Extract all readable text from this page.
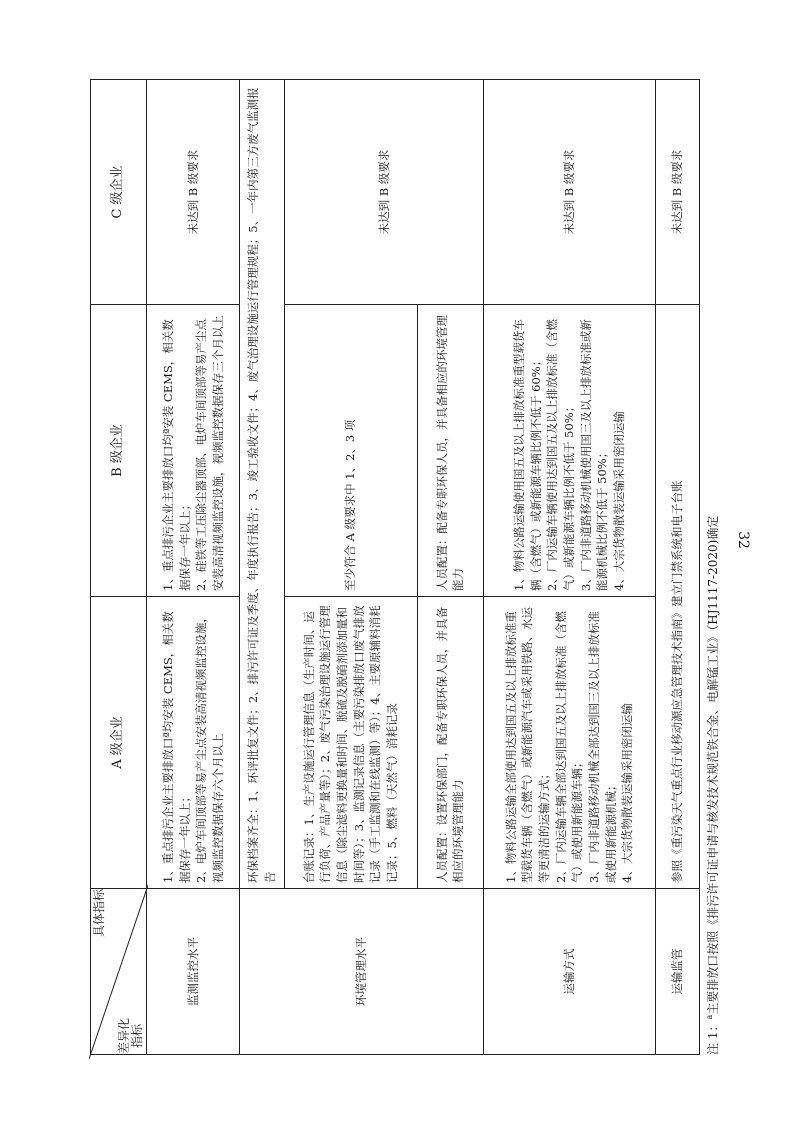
具体指标
差异化 指标	A 级企业	B 级企业	C 级企业
监测监控水平	1、重点排污企业主要排放口ª均安装 CEMS，相关数据保存一年以上； 2、电炉车间顶部等易产尘点安装高清视频监控设施，视频监控数据保存六个月以上	1、重点排污企业主要排放口均ª安装 CEMS，相关数据保存一年以上； 2、硅铁等工压除尘器顶部、电炉车间顶部等易产尘点安装高清视频监控设施，视频监控数据保存三个月以上	未达到 B 级要求
环境管理水平	环保档案齐全：1、环评批复文件；2、排污许可证及季度、年度执行报告；3、竣工验收文件；4、废气治理设施运行管理规程；5、一年内第三方废气监测报告		

	台账记录：1、生产设施运行管理信息（生产时间、运行负荷、产品产量等）；2、废气污染治理设施运行管理信息（除尘滤料更换量和时间、脱硫及脱硝剂添加量和时间等）；3、监测记录信息（主要污染排放口废气排放记录（手工监测和在线监测）等）；4、主要原辅料消耗记录；5、燃料（天然气）消耗记录	至少符合 A 级要求中 1、2、3 项	未达到 B 级要求

	人员配置：设置环保部门，配备专职环保人员，并具备相应的环境管理能力	人员配置：配备专职环保人员，并具备相应的环境管理能力	

运输方式	1、物料公路运输全部使用达到国五及以上排放标准重型载货车辆（含燃气）或新能源汽车或采用铁路、水运等更清洁的运输方式； 2、厂内运输车辆全部达到国五及以上排放标准（含燃气）或使用新能源车辆； 3、厂内非道路移动机械全部达到国三及以上排放标准或使用新能源机械； 4、大宗货物散装运输采用密闭运输	1、物料公路运输使用国五及以上排放标准重型载货车辆（含燃气）或新能源车辆比例不低于 60%； 2、厂内运输车辆使用达到国五及以上排放标准（含燃气）或新能源车辆比例不低于 50%； 3、厂内非道路移动机械使用国三及以上排放标准或新能源机械比例不低于 50%； 4、大宗货物散装运输采用密闭运输	未达到 B 级要求
运输监管	参照《重污染天气重点行业移动源应急管理技术指南》建立门禁系统和电子台账		未达到 B 级要求
注 1：$^a$主要排放口按照《排污许可证申请与核发技术规范铁合金、电解锰工业》（HJ1117-2020)确定 32
